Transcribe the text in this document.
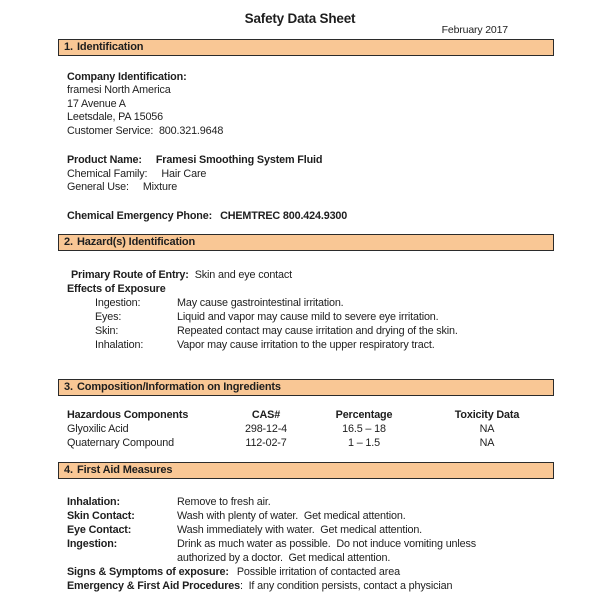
Safety Data Sheet
February 2017
1. Identification
Company Identification:
framesi North America
17 Avenue A
Leetsdale, PA 15056
Customer Service:  800.321.9648
Product Name: Framesi Smoothing System Fluid
Chemical Family: Hair Care
General Use: Mixture
Chemical Emergency Phone: CHEMTREC 800.424.9300
2. Hazard(s) Identification
Primary Route of Entry: Skin and eye contact
Effects of Exposure
Ingestion:	May cause gastrointestinal irritation.
Eyes:	Liquid and vapor may cause mild to severe eye irritation.
Skin:	Repeated contact may cause irritation and drying of the skin.
Inhalation:	Vapor may cause irritation to the upper respiratory tract.
3. Composition/Information on Ingredients
Hazardous Components	CAS#	Percentage	Toxicity Data
Glyoxilic Acid	298-12-4	16.5 – 18	NA
Quaternary Compound	112-02-7	1 – 1.5	NA
4. First Aid Measures
Inhalation:	Remove to fresh air.
Skin Contact:	Wash with plenty of water.  Get medical attention.
Eye Contact:	Wash immediately with water.  Get medical attention.
Ingestion:	Drink as much water as possible.  Do not induce vomiting unless
authorized by a doctor.  Get medical attention.
Signs & Symptoms of exposure: Possible irritation of contacted area
Emergency & First Aid Procedures:  If any condition persists, contact a physician
